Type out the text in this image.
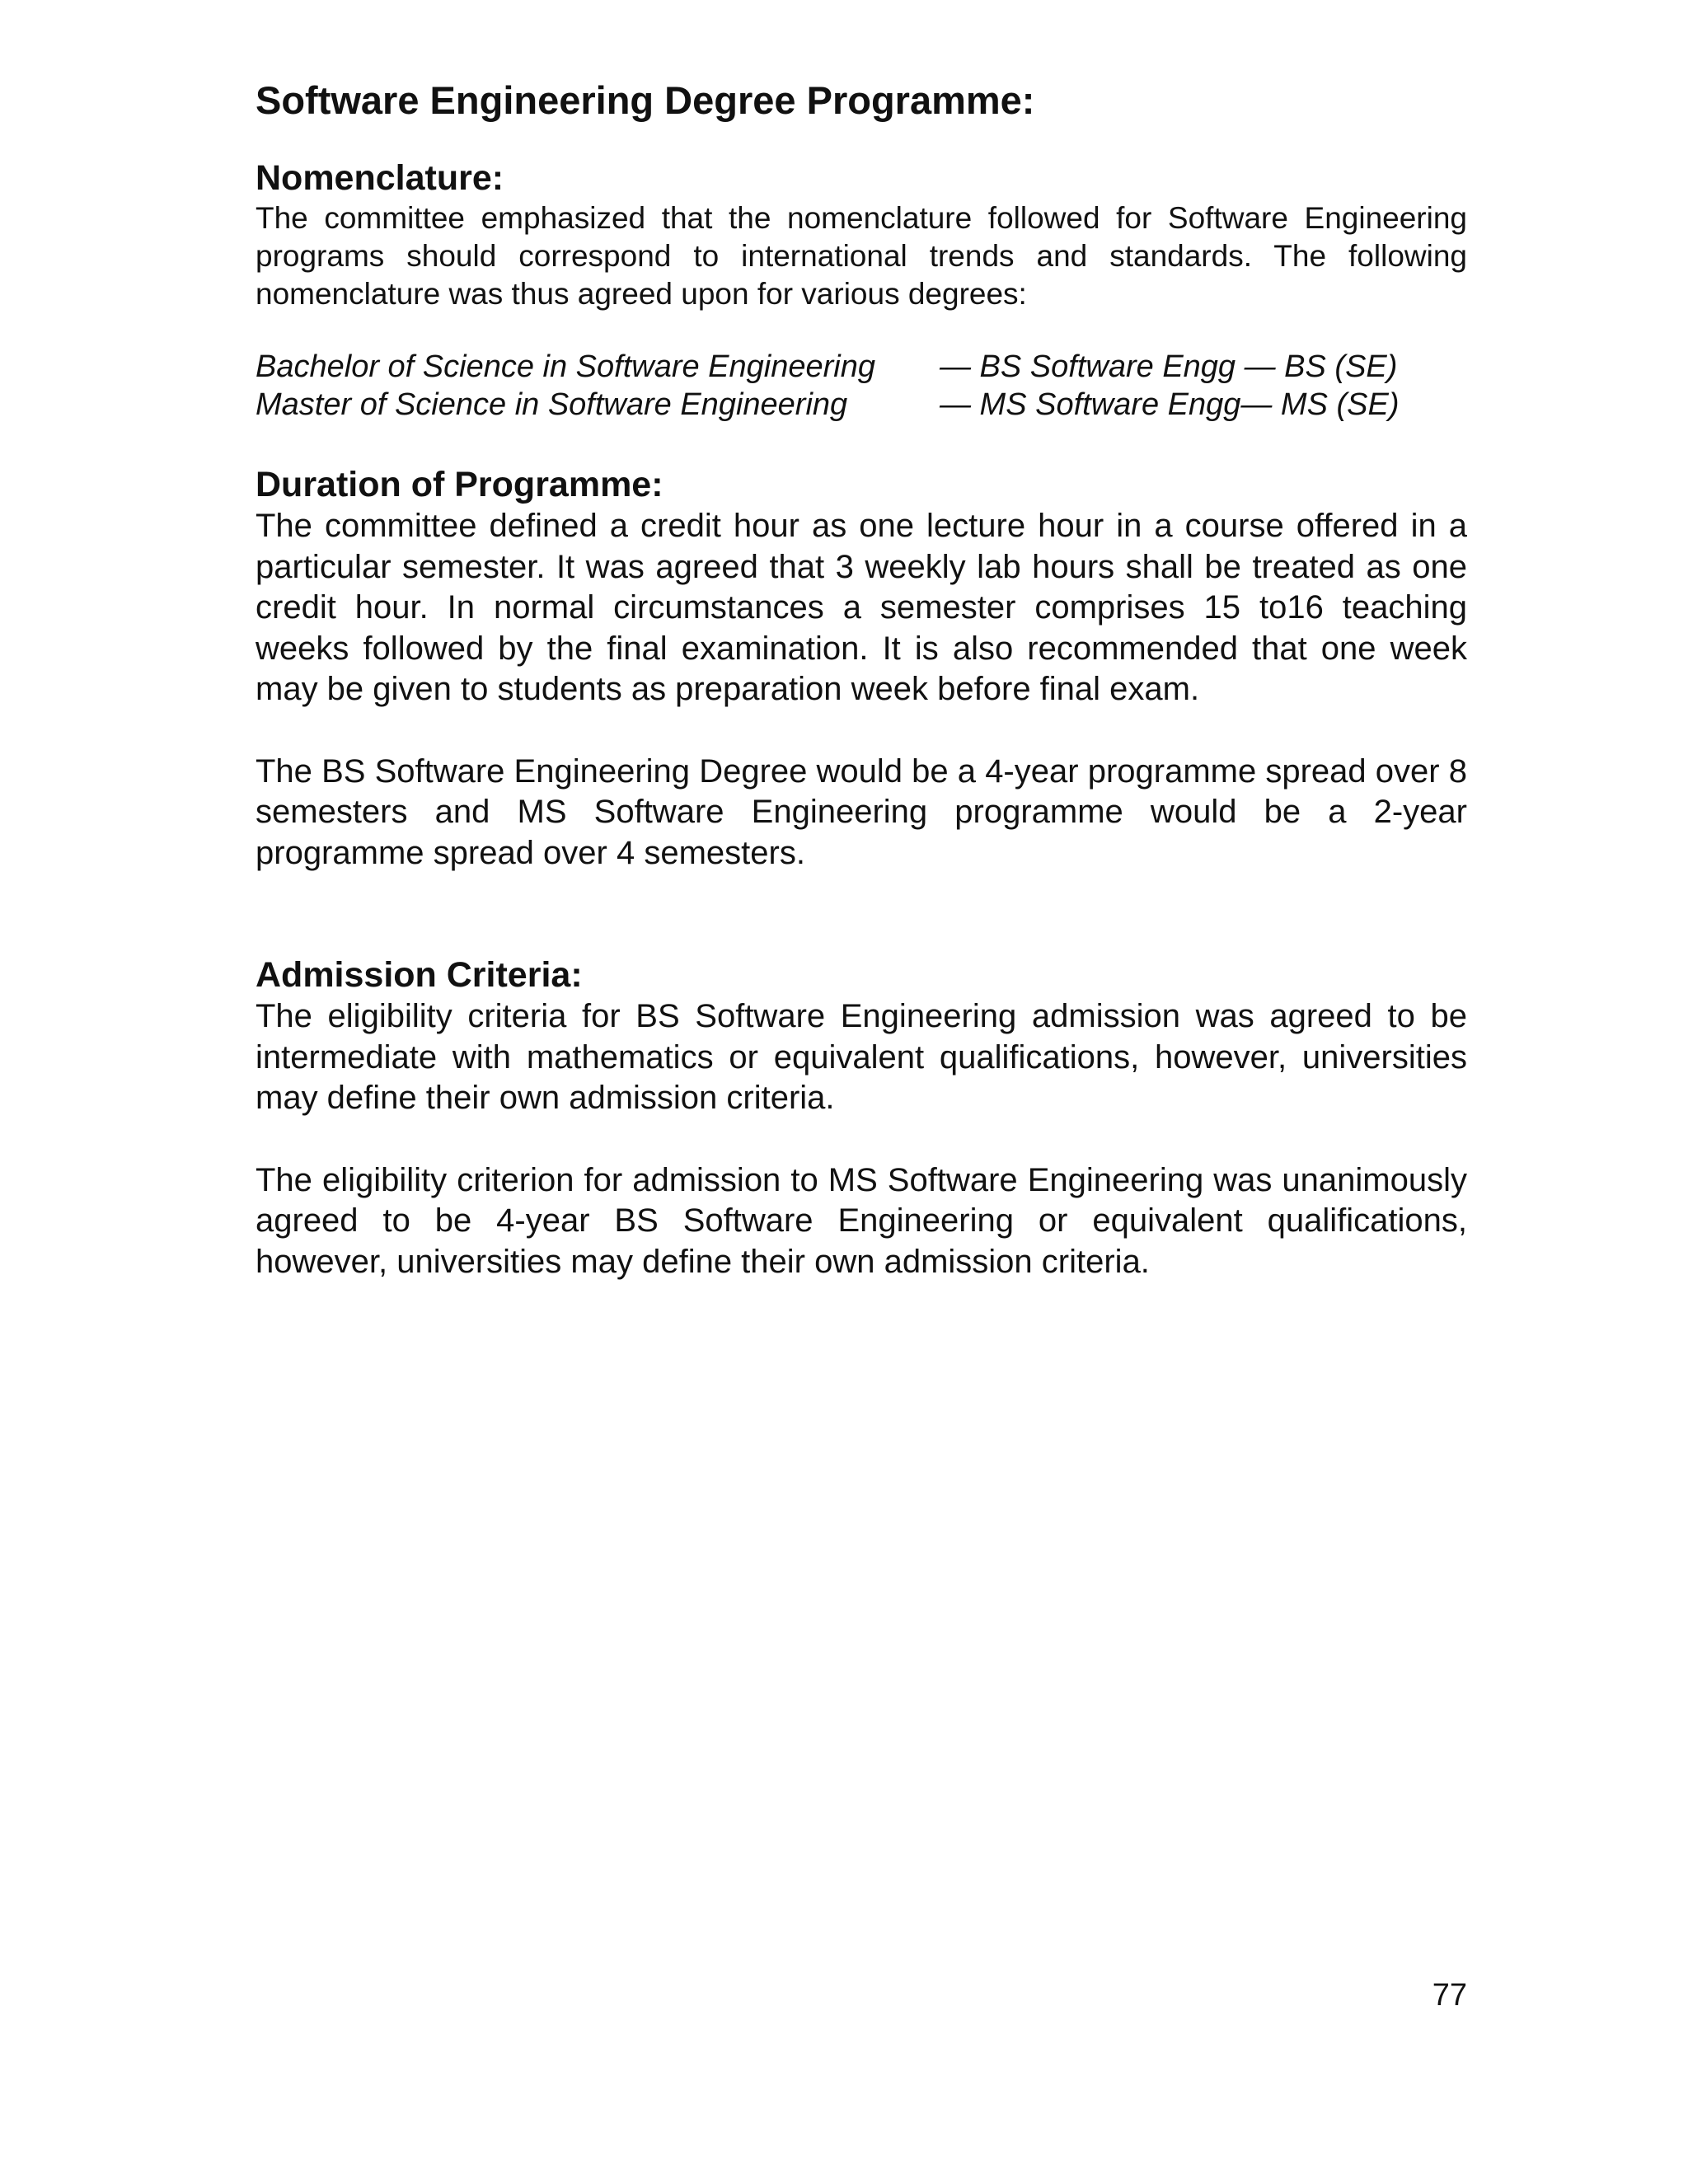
Software Engineering Degree Programme:
Nomenclature:

The committee emphasized that the nomenclature followed for Software Engineering programs should correspond to international trends and standards. The following nomenclature was thus agreed upon for various degrees:

Bachelor of Science in Software Engineering	— BS Software Engg — BS (SE)
Master of Science in Software Engineering	— MS Software Engg— MS (SE)
Duration of Programme:

The committee defined a credit hour as one lecture hour in a course offered in a particular semester. It was agreed that 3 weekly lab hours shall be treated as one credit hour. In normal circumstances a semester comprises 15 to16 teaching weeks followed by the final examination. It is also recommended that one week may be given to students as preparation week before final exam.

The BS Software Engineering Degree would be a 4-year programme spread over 8 semesters and MS Software Engineering programme would be a 2-year programme spread over 4 semesters.

Admission Criteria:

The eligibility criteria for BS Software Engineering admission was agreed to be intermediate with mathematics or equivalent qualifications, however, universities may define their own admission criteria.

The eligibility criterion for admission to MS Software Engineering was unanimously agreed to be 4-year BS Software Engineering or equivalent qualifications, however, universities may define their own admission criteria.

77
